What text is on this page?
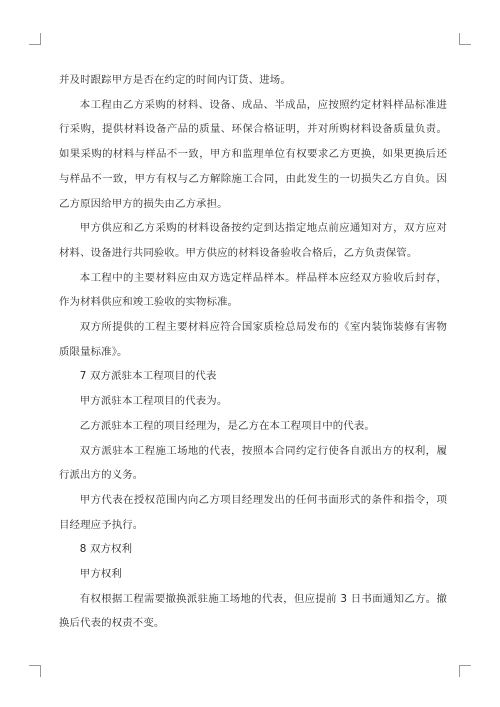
并及时跟踪甲方是否在约定的时间内订货、进场。

本工程由乙方采购的材料、设备、成品、半成品，应按照约定材料样品标准进行采购，提供材料设备产品的质量、环保合格证明，并对所购材料设备质量负责。如果采购的材料与样品不一致，甲方和监理单位有权要求乙方更换，如果更换后还与样品不一致，甲方有权与乙方解除施工合同，由此发生的一切损失乙方自负。因乙方原因给甲方的损失由乙方承担。

甲方供应和乙方采购的材料设备按约定到达指定地点前应通知对方，双方应对材料、设备进行共同验收。甲方供应的材料设备验收合格后，乙方负责保管。

本工程中的主要材料应由双方选定样品样本。样品样本应经双方验收后封存，作为材料供应和竣工验收的实物标准。

双方所提供的工程主要材料应符合国家质检总局发布的《室内装饰装修有害物质限量标准》。

7 双方派驻本工程项目的代表

甲方派驻本工程项目的代表为。

乙方派驻本工程的项目经理为，是乙方在本工程项目中的代表。

双方派驻本工程施工场地的代表，按照本合同约定行使各自派出方的权利，履行派出方的义务。

甲方代表在授权范围内向乙方项目经理发出的任何书面形式的条件和指令，项目经理应予执行。

8 双方权利

甲方权利

有权根据工程需要撤换派驻施工场地的代表，但应提前 3 日书面通知乙方。撤换后代表的权责不变。
